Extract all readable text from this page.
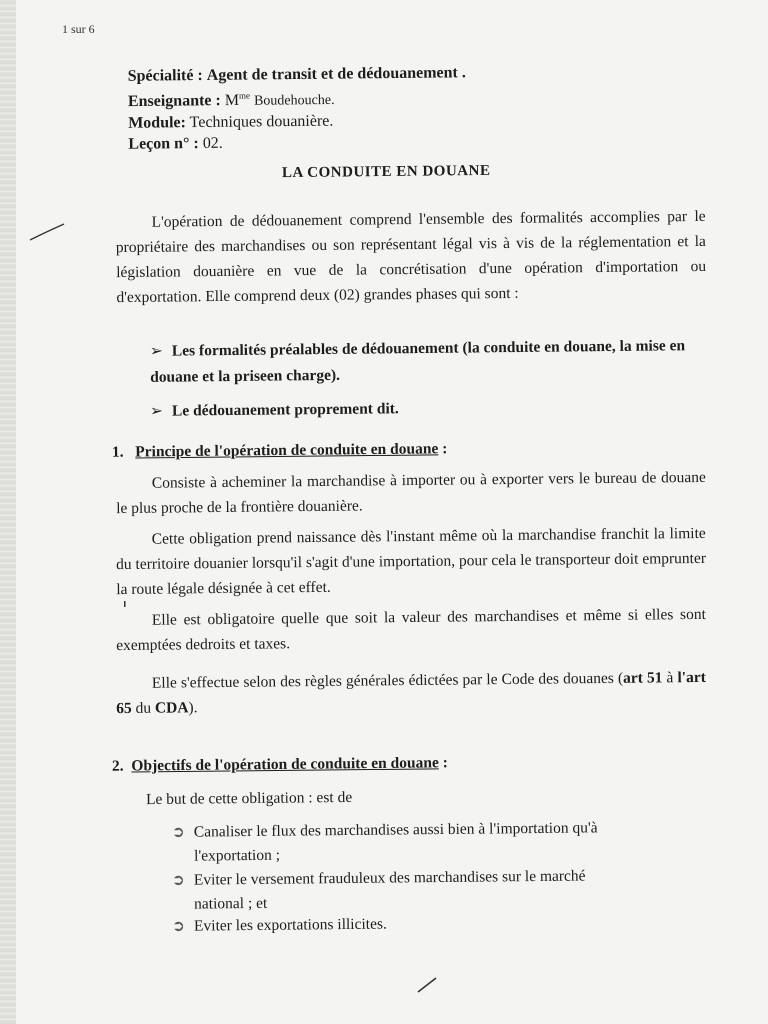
1 sur 6
Spécialité : Agent de transit et de dédouanement .
Enseignante : $M^{me}$ Boudehouche.
Module: Techniques douanière.
Leçon n° : 02.
LA CONDUITE EN DOUANE
L'opération de dédouanement comprend l'ensemble des formalités accomplies par le propriétaire des marchandises ou son représentant légal vis à vis de la réglementation et la législation douanière en vue de la concrétisation d'une opération d'importation ou d'exportation. Elle comprend deux (02) grandes phases qui sont :
➢ Les formalités préalables de dédouanement (la conduite en douane, la mise en douane et la priseen charge).
➢ Le dédouanement proprement dit.
1. Principe de l'opération de conduite en douane :
Consiste à acheminer la marchandise à importer ou à exporter vers le bureau de douane le plus proche de la frontière douanière.
Cette obligation prend naissance dès l'instant même où la marchandise franchit la limite du territoire douanier lorsqu'il s'agit d'une importation, pour cela le transporteur doit emprunter la route légale désignée à cet effet.
Elle est obligatoire quelle que soit la valeur des marchandises et même si elles sont exemptées dedroits et taxes.
Elle s'effectue selon des règles générales édictées par le Code des douanes (art 51 à l'art 65 du CDA).
2. Objectifs de l'opération de conduite en douane :
Le but de cette obligation : est de
➲ Canaliser le flux des marchandises aussi bien à l'importation qu'à
l'exportation ;
➲ Eviter le versement frauduleux des marchandises sur le marché
national ; et
➲ Eviter les exportations illicites.
